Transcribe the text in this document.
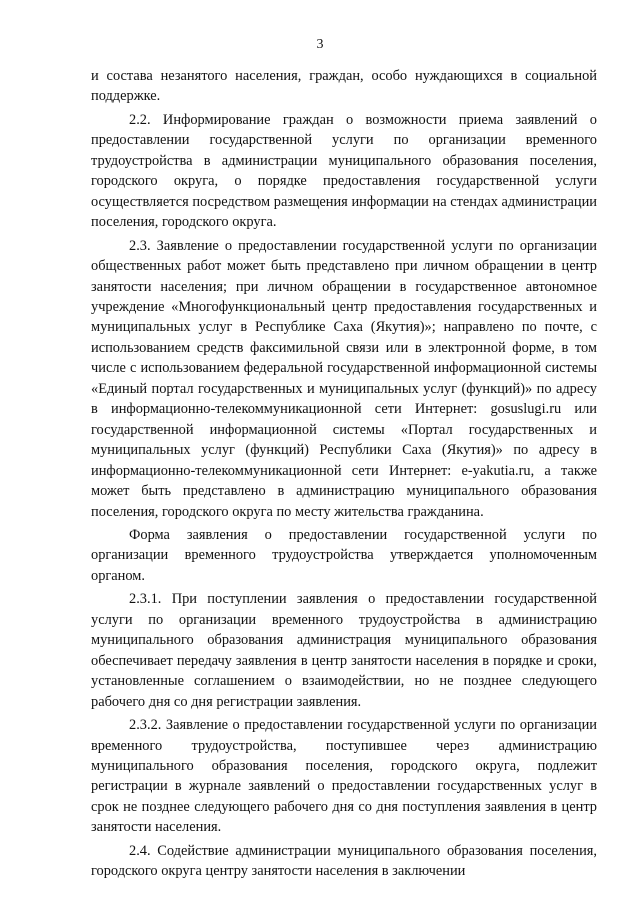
3

и состава незанятого населения, граждан, особо нуждающихся в социальной поддержке.

2.2. Информирование граждан о возможности приема заявлений о предоставлении государственной услуги по организации временного трудоустройства в администрации муниципального образования поселения, городского округа, о порядке предоставления государственной услуги осуществляется посредством размещения информации на стендах администрации поселения, городского округа.

2.3. Заявление о предоставлении государственной услуги по организации общественных работ может быть представлено при личном обращении в центр занятости населения; при личном обращении в государственное автономное учреждение «Многофункциональный центр предоставления государственных и муниципальных услуг в Республике Саха (Якутия)»; направлено по почте, с использованием средств факсимильной связи или в электронной форме, в том числе с использованием федеральной государственной информационной системы «Единый портал государственных и муниципальных услуг (функций)» по адресу в информационно-телекоммуникационной сети Интернет: gosuslugi.ru или государственной информационной системы «Портал государственных и муниципальных услуг (функций) Республики Саха (Якутия)» по адресу в информационно-телекоммуникационной сети Интернет: e-yakutia.ru, а также может быть представлено в администрацию муниципального образования поселения, городского округа по месту жительства гражданина.

Форма заявления о предоставлении государственной услуги по организации временного трудоустройства утверждается уполномоченным органом.

2.3.1. При поступлении заявления о предоставлении государственной услуги по организации временного трудоустройства в администрацию муниципального образования администрация муниципального образования обеспечивает передачу заявления в центр занятости населения в порядке и сроки, установленные соглашением о взаимодействии, но не позднее следующего рабочего дня со дня регистрации заявления.

2.3.2. Заявление о предоставлении государственной услуги по организации временного трудоустройства, поступившее через администрацию муниципального образования поселения, городского округа, подлежит регистрации в журнале заявлений о предоставлении государственных услуг в срок не позднее следующего рабочего дня со дня поступления заявления в центр занятости населения.

2.4. Содействие администрации муниципального образования поселения, городского округа центру занятости населения в заключении
